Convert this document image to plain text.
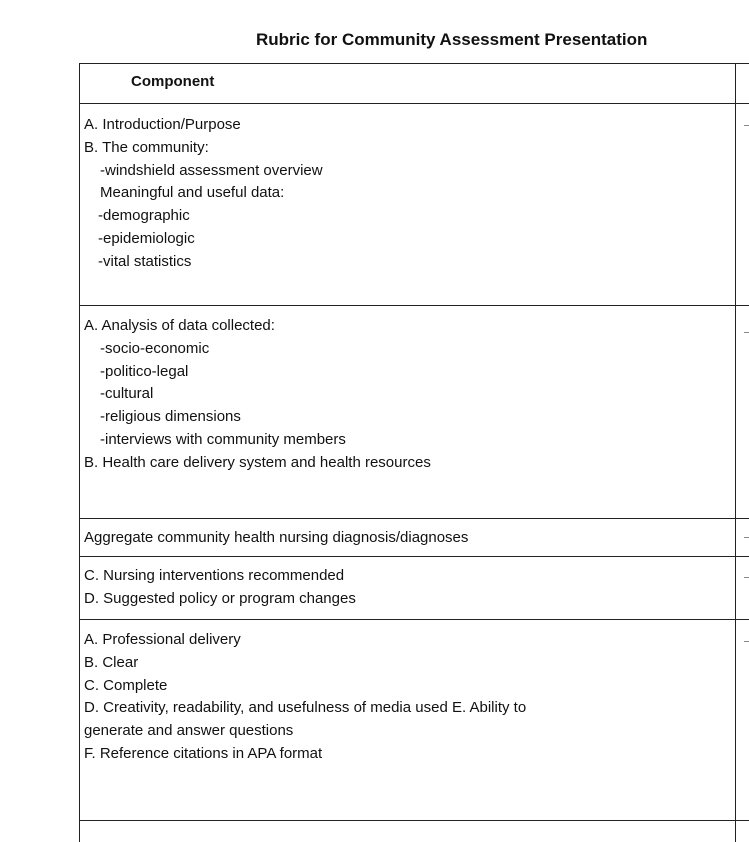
Rubric for Community Assessment Presentation
Component
A. Introduction/Purpose
B. The community:
-windshield assessment overview
Meaningful and useful data:
-demographic
-epidemiologic
-vital statistics
A. Analysis of data collected:
-socio-economic
-politico-legal
-cultural
-religious dimensions
-interviews with community members
B. Health care delivery system and health resources
Aggregate community health nursing diagnosis/diagnoses
C. Nursing interventions recommended
D. Suggested policy or program changes
A. Professional delivery
B. Clear
C. Complete
D. Creativity, readability, and usefulness of media used E. Ability to
generate and answer questions
F. Reference citations in APA format
